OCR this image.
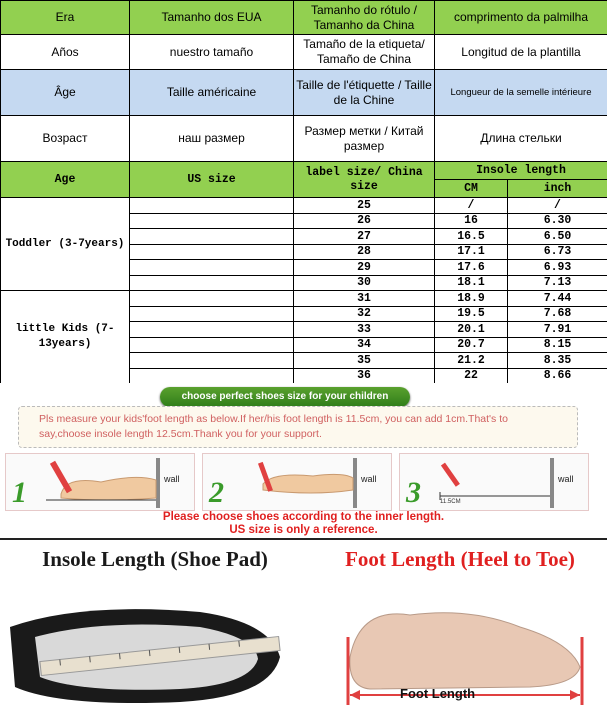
Era	Tamanho dos EUA	Tamanho do rótulo / Tamanho da China	comprimento da palmilha
Años	nuestro tamaño	Tamaño de la etiqueta/ Tamaño de China	Longitud de la plantilla
Âge	Taille américaine	Taille de l'étiquette / Taille de la Chine	Longueur de la semelle intérieure
Возраст	наш размер	Размер метки / Китай размер	Длина стельки
Age	US size	label size/ China size	Insole length	
			CM	inch
Toddler (3-7years)		25	/	/
		26	16	6.30
		27	16.5	6.50
		28	17.1	6.73
		29	17.6	6.93
		30	18.1	7.13
little Kids (7-13years)		31	18.9	7.44
		32	19.5	7.68
		33	20.1	7.91
		34	20.7	8.15
		35	21.2	8.35
		36	22	8.66
choose perfect shoes size for your children
Pls measure your kids'foot length as below.If her/his foot length is 11.5cm, you can add 1cm.That's to say,choose insole length 12.5cm.Thank you for your support.
1	wall 2	wall 3	11.5CM
wall
Please choose shoes according to the inner length.
US size is only a reference.
Insole Length (Shoe Pad)	Foot Length (Heel to Toe)
Foot Length
